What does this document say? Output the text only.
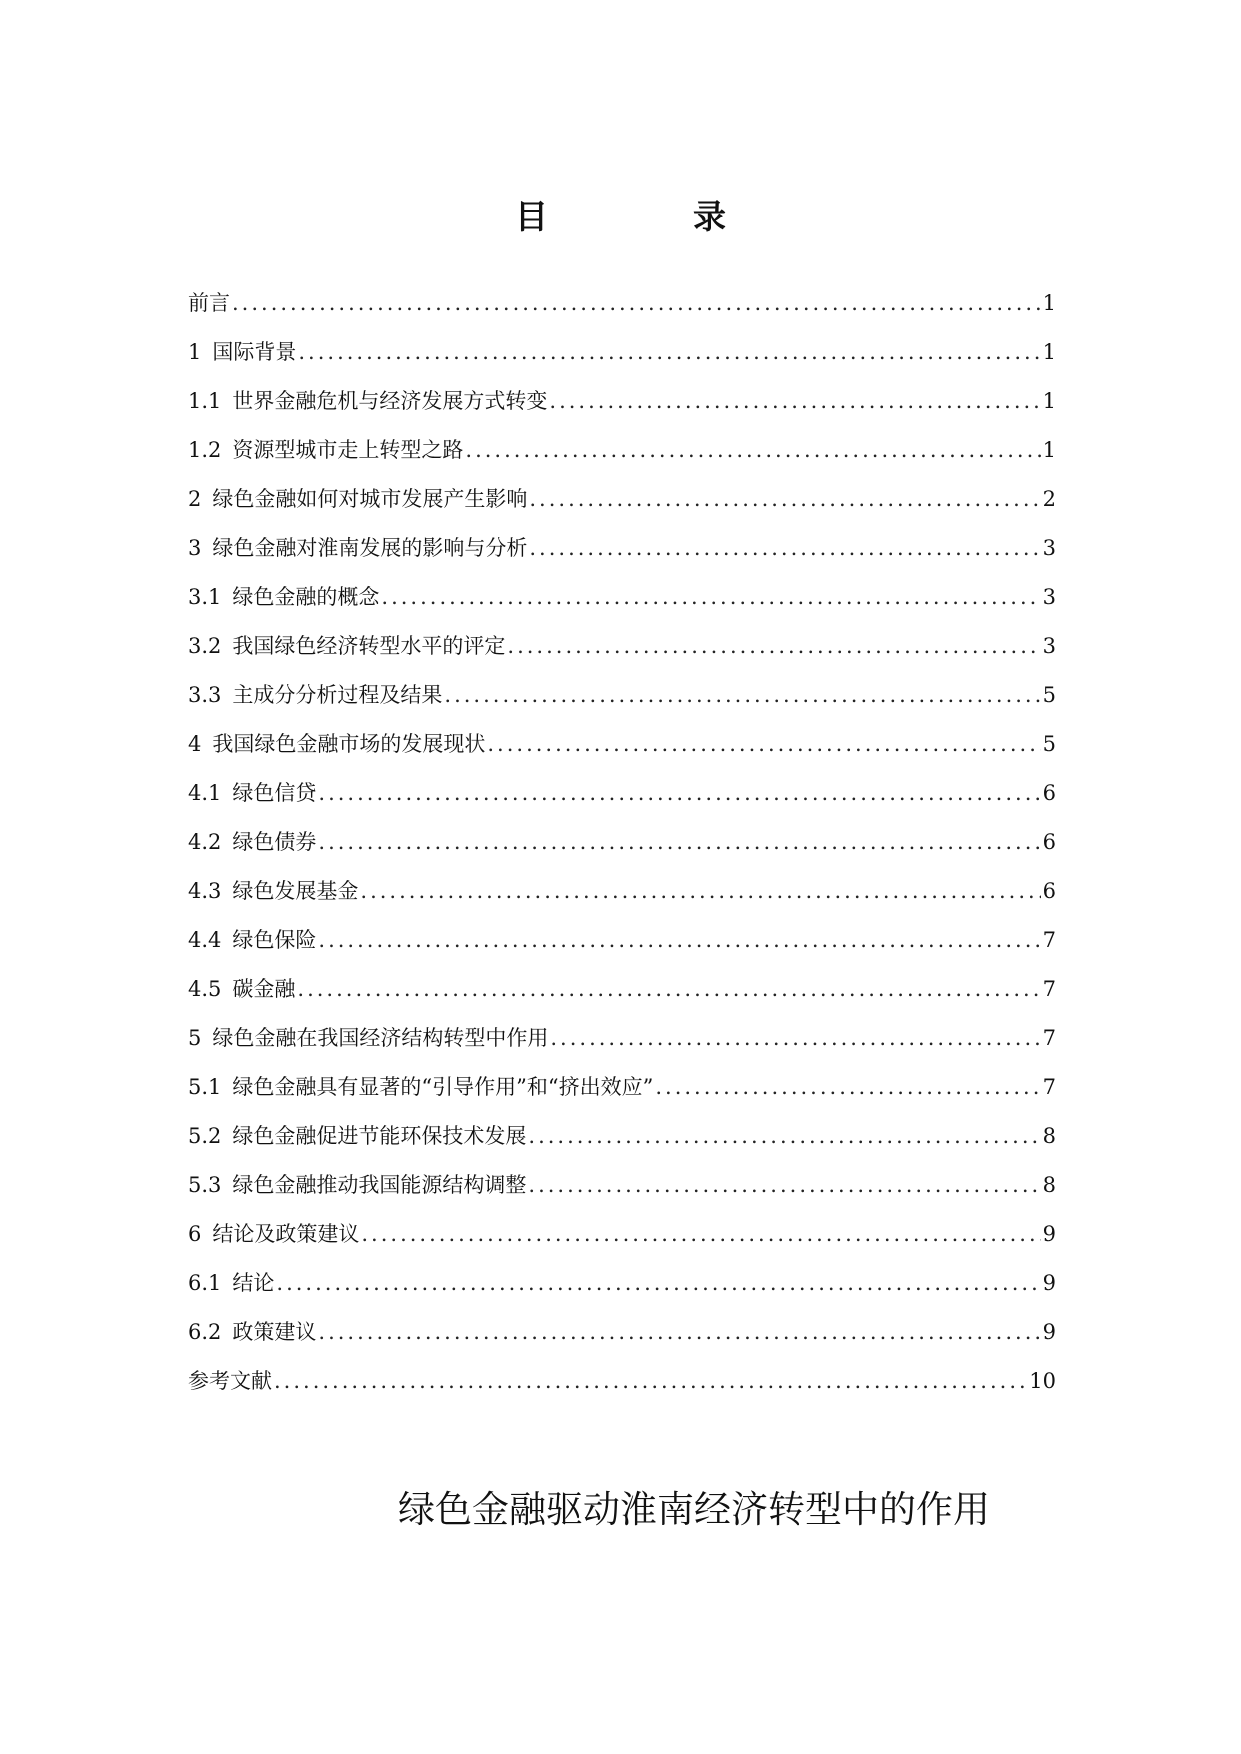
目　录
前言 .....	1
1 国际背景 .....	1
1.1 世界金融危机与经济发展方式转变 .....	1
1.2 资源型城市走上转型之路 .....	1
2 绿色金融如何对城市发展产生影响 .....	2
3 绿色金融对淮南发展的影响与分析 .....	3
3.1 绿色金融的概念 .....	3
3.2 我国绿色经济转型水平的评定 .....	3
3.3 主成分分析过程及结果 .....	5
4 我国绿色金融市场的发展现状 .....	5
4.1 绿色信贷 .....	6
4.2 绿色债券 .....	6
4.3 绿色发展基金 .....	6
4.4 绿色保险 .....	7
4.5 碳金融 .....	7
5 绿色金融在我国经济结构转型中作用 .....	7
5.1 绿色金融具有显著的“引导作用”和“挤出效应” .....	7
5.2 绿色金融促进节能环保技术发展 .....	8
5.3 绿色金融推动我国能源结构调整 .....	8
6 结论及政策建议 .....	9
6.1 结论 .....	9
6.2 政策建议 .....	9
参考文献 .....	10
绿色金融驱动淮南经济转型中的作用
